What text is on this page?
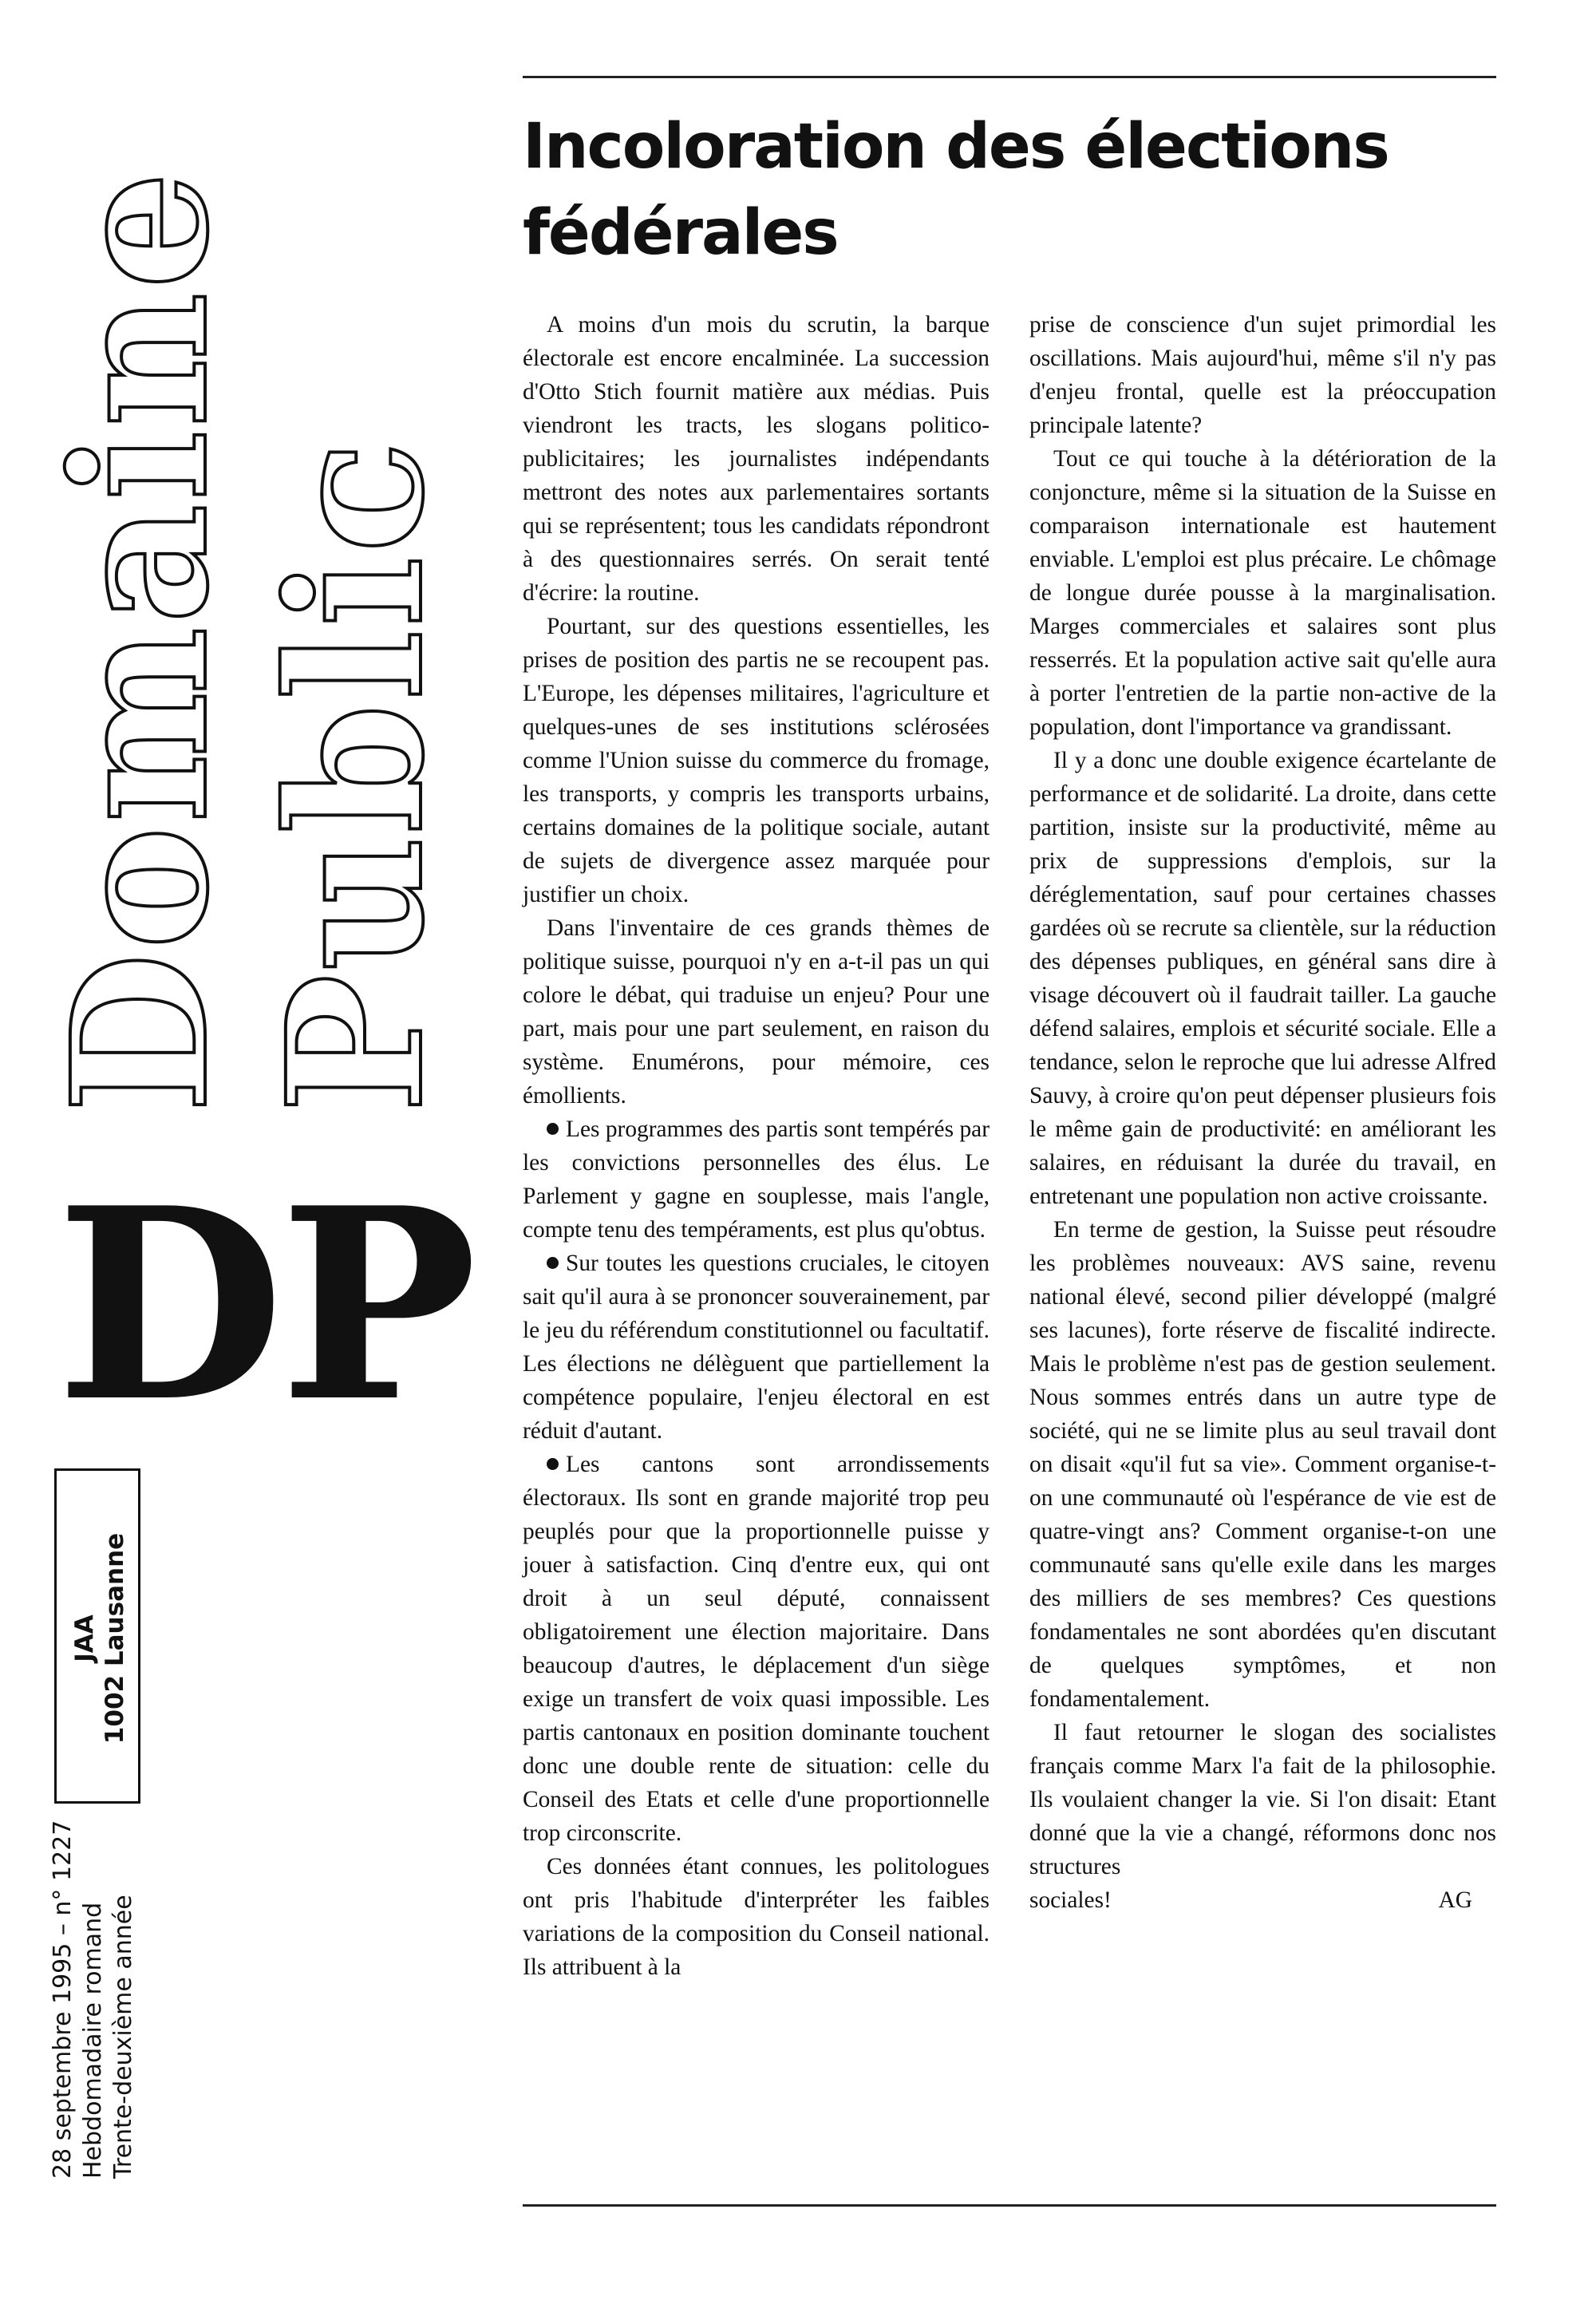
Domaine
Public
DP
JAA 1002 Lausanne
28 septembre 1995 – n° 1227 Hebdomadaire romand Trente-deuxième année
Incoloration des élections fédérales

A moins d'un mois du scrutin, la barque électorale est encore encalminée. La succession d'Otto Stich fournit matière aux médias. Puis viendront les tracts, les slogans politico-publicitaires; les journalistes indépendants mettront des notes aux parlementaires sortants qui se représentent; tous les candidats répondront à des questionnaires serrés. On serait tenté d'écrire: la routine.

Pourtant, sur des questions essentielles, les prises de position des partis ne se recoupent pas. L'Europe, les dépenses militaires, l'agriculture et quelques-unes de ses institutions sclérosées comme l'Union suisse du commerce du fromage, les transports, y compris les transports urbains, certains domaines de la politique sociale, autant de sujets de divergence assez marquée pour justifier un choix.

Dans l'inventaire de ces grands thèmes de politique suisse, pourquoi n'y en a-t-il pas un qui colore le débat, qui traduise un enjeu? Pour une part, mais pour une part seulement, en raison du système. Enumérons, pour mémoire, ces émollients.

Les programmes des partis sont tempérés par les convictions personnelles des élus. Le Parlement y gagne en souplesse, mais l'angle, compte tenu des tempéraments, est plus qu'obtus.

Sur toutes les questions cruciales, le citoyen sait qu'il aura à se prononcer souverainement, par le jeu du référendum constitutionnel ou facultatif. Les élections ne délèguent que partiellement la compétence populaire, l'enjeu électoral en est réduit d'autant.

Les cantons sont arrondissements électoraux. Ils sont en grande majorité trop peu peuplés pour que la proportionnelle puisse y jouer à satisfaction. Cinq d'entre eux, qui ont droit à un seul député, connaissent obligatoirement une élection majoritaire. Dans beaucoup d'autres, le déplacement d'un siège exige un transfert de voix quasi impossible. Les partis cantonaux en position dominante touchent donc une double rente de situation: celle du Conseil des Etats et celle d'une proportionnelle trop circonscrite.

Ces données étant connues, les politologues ont pris l'habitude d'interpréter les faibles variations de la composition du Conseil national. Ils attribuent à la

prise de conscience d'un sujet primordial les oscillations. Mais aujourd'hui, même s'il n'y pas d'enjeu frontal, quelle est la préoccupation principale latente?

Tout ce qui touche à la détérioration de la conjoncture, même si la situation de la Suisse en comparaison internationale est hautement enviable. L'emploi est plus précaire. Le chômage de longue durée pousse à la marginalisation. Marges commerciales et salaires sont plus resserrés. Et la population active sait qu'elle aura à porter l'entretien de la partie non-active de la population, dont l'importance va grandissant.

Il y a donc une double exigence écartelante de performance et de solidarité. La droite, dans cette partition, insiste sur la productivité, même au prix de suppressions d'emplois, sur la déréglementation, sauf pour certaines chasses gardées où se recrute sa clientèle, sur la réduction des dépenses publiques, en général sans dire à visage découvert où il faudrait tailler. La gauche défend salaires, emplois et sécurité sociale. Elle a tendance, selon le reproche que lui adresse Alfred Sauvy, à croire qu'on peut dépenser plusieurs fois le même gain de productivité: en améliorant les salaires, en réduisant la durée du travail, en entretenant une population non active croissante.

En terme de gestion, la Suisse peut résoudre les problèmes nouveaux: AVS saine, revenu national élevé, second pilier développé (malgré ses lacunes), forte réserve de fiscalité indirecte. Mais le problème n'est pas de gestion seulement. Nous sommes entrés dans un autre type de société, qui ne se limite plus au seul travail dont on disait «qu'il fut sa vie». Comment organise-t-on une communauté où l'espérance de vie est de quatre-vingt ans? Comment organise-t-on une communauté sans qu'elle exile dans les marges des milliers de ses membres? Ces questions fondamentales ne sont abordées qu'en discutant de quelques symptômes, et non fondamentalement.

Il faut retourner le slogan des socialistes français comme Marx l'a fait de la philosophie. Ils voulaient changer la vie. Si l'on disait: Etant donné que la vie a changé, réformons donc nos structures

sociales!	AG
